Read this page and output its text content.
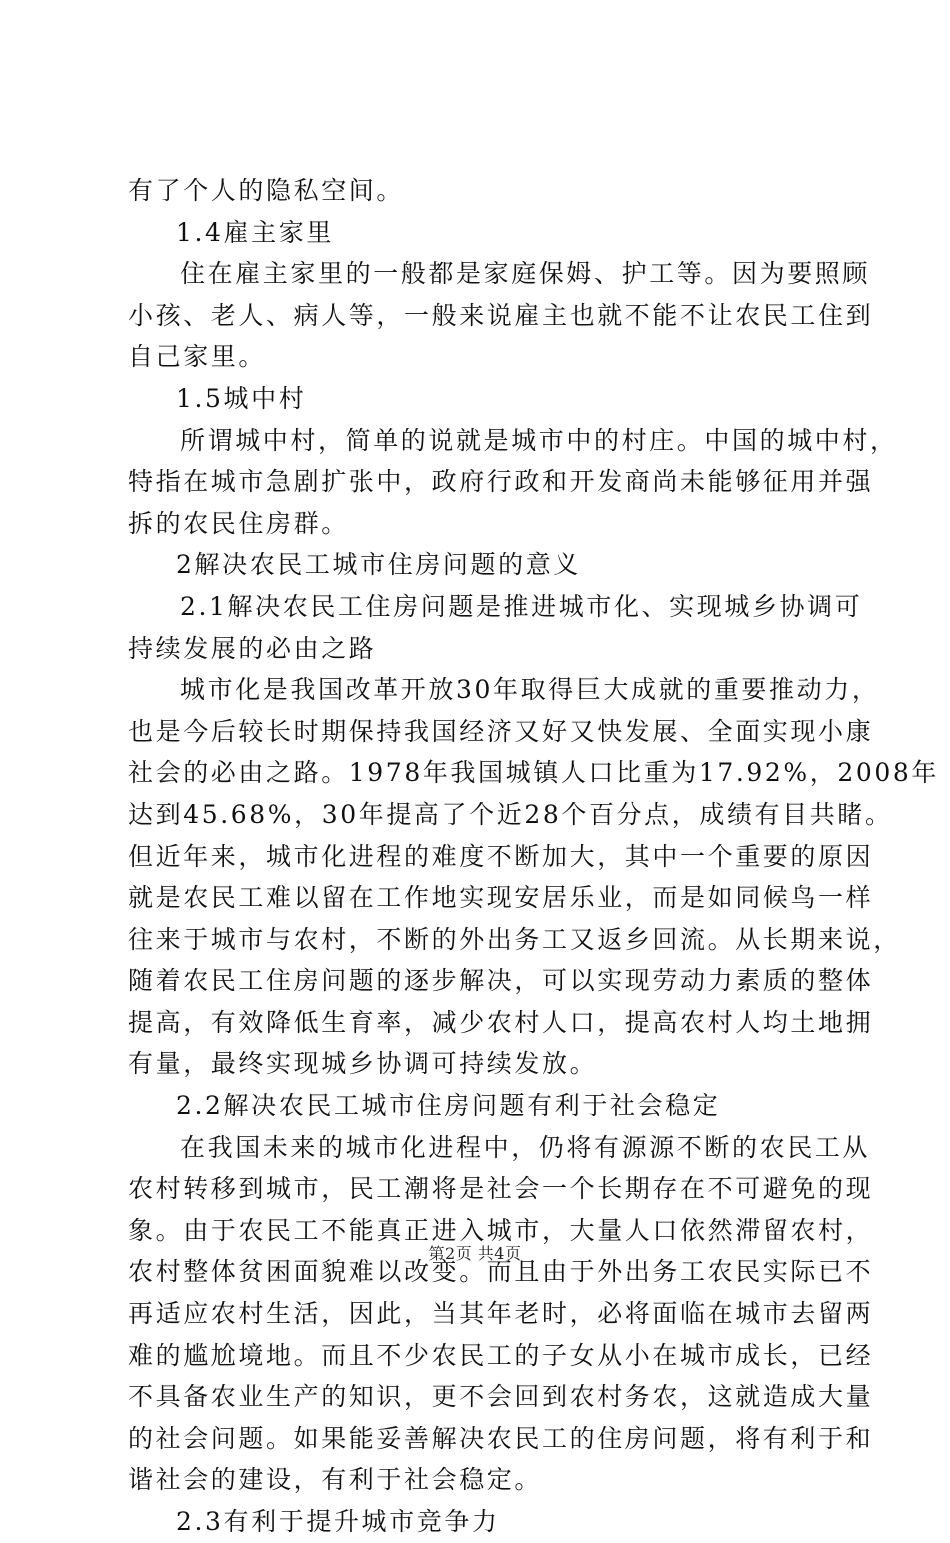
有了个人的隐私空间。
1.4雇主家里
住在雇主家里的一般都是家庭保姆、护工等。因为要照顾
小孩、老人、病人等，一般来说雇主也就不能不让农民工住到
自己家里。
1.5城中村
所谓城中村，简单的说就是城市中的村庄。中国的城中村，
特指在城市急剧扩张中，政府行政和开发商尚未能够征用并强
拆的农民住房群。
2解决农民工城市住房问题的意义
2.1解决农民工住房问题是推进城市化、实现城乡协调可
持续发展的必由之路
城市化是我国改革开放30年取得巨大成就的重要推动力，
也是今后较长时期保持我国经济又好又快发展、全面实现小康
社会的必由之路。1978年我国城镇人口比重为17.92%，2008年
达到45.68%，30年提高了个近28个百分点，成绩有目共睹。
但近年来，城市化进程的难度不断加大，其中一个重要的原因
就是农民工难以留在工作地实现安居乐业，而是如同候鸟一样
往来于城市与农村，不断的外出务工又返乡回流。从长期来说，
随着农民工住房问题的逐步解决，可以实现劳动力素质的整体
提高，有效降低生育率，减少农村人口，提高农村人均土地拥
有量，最终实现城乡协调可持续发放。
2.2解决农民工城市住房问题有利于社会稳定
在我国未来的城市化进程中，仍将有源源不断的农民工从
农村转移到城市，民工潮将是社会一个长期存在不可避免的现
象。由于农民工不能真正进入城市，大量人口依然滞留农村，
农村整体贫困面貌难以改变。而且由于外出务工农民实际已不
再适应农村生活，因此，当其年老时，必将面临在城市去留两
难的尴尬境地。而且不少农民工的子女从小在城市成长，已经
不具备农业生产的知识，更不会回到农村务农，这就造成大量
的社会问题。如果能妥善解决农民工的住房问题，将有利于和
谐社会的建设，有利于社会稳定。
2.3有利于提升城市竞争力
第2页 共4页
